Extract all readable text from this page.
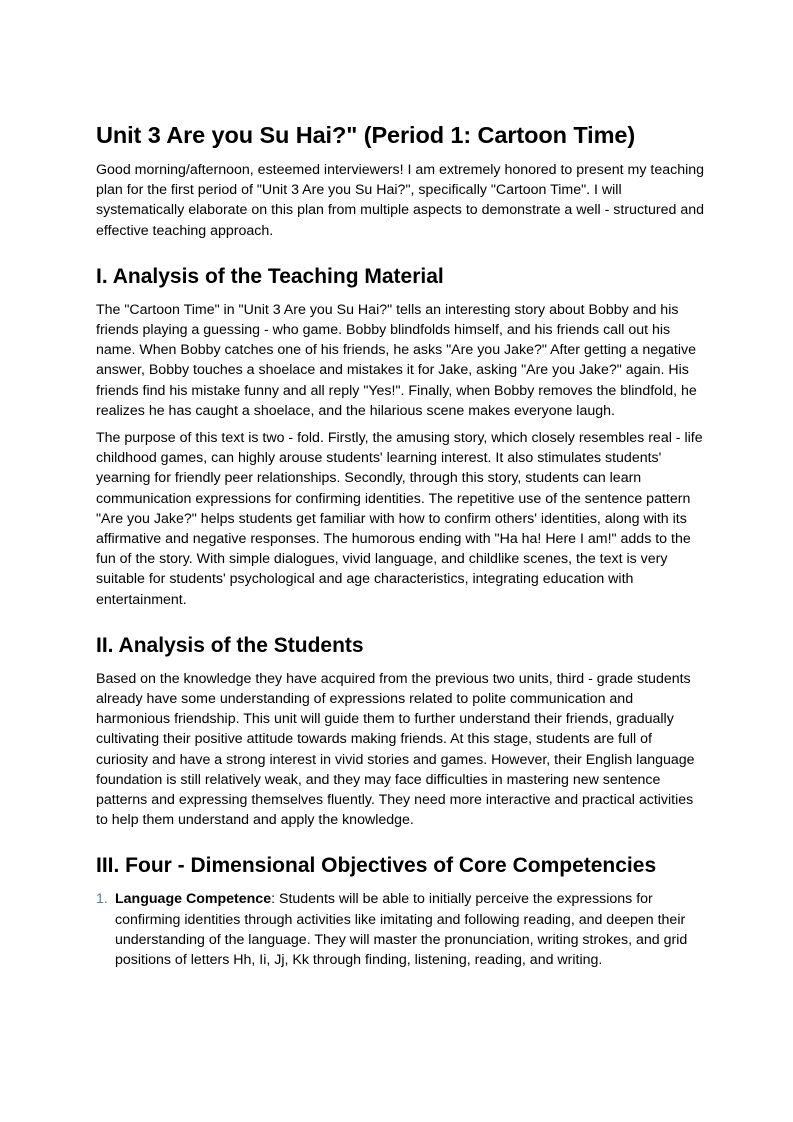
Unit 3 Are you Su Hai?" (Period 1: Cartoon Time)

Good morning/afternoon, esteemed interviewers! I am extremely honored to present my teaching plan for the first period of "Unit 3 Are you Su Hai?", specifically "Cartoon Time". I will systematically elaborate on this plan from multiple aspects to demonstrate a well - structured and effective teaching approach.

I. Analysis of the Teaching Material

The "Cartoon Time" in "Unit 3 Are you Su Hai?" tells an interesting story about Bobby and his friends playing a guessing - who game. Bobby blindfolds himself, and his friends call out his name. When Bobby catches one of his friends, he asks "Are you Jake?" After getting a negative answer, Bobby touches a shoelace and mistakes it for Jake, asking "Are you Jake?" again. His friends find his mistake funny and all reply "Yes!". Finally, when Bobby removes the blindfold, he realizes he has caught a shoelace, and the hilarious scene makes everyone laugh.

The purpose of this text is two - fold. Firstly, the amusing story, which closely resembles real - life childhood games, can highly arouse students' learning interest. It also stimulates students' yearning for friendly peer relationships. Secondly, through this story, students can learn communication expressions for confirming identities. The repetitive use of the sentence pattern "Are you Jake?" helps students get familiar with how to confirm others' identities, along with its affirmative and negative responses. The humorous ending with "Ha ha! Here I am!" adds to the fun of the story. With simple dialogues, vivid language, and childlike scenes, the text is very suitable for students' psychological and age characteristics, integrating education with entertainment.

II. Analysis of the Students

Based on the knowledge they have acquired from the previous two units, third - grade students already have some understanding of expressions related to polite communication and harmonious friendship. This unit will guide them to further understand their friends, gradually cultivating their positive attitude towards making friends. At this stage, students are full of curiosity and have a strong interest in vivid stories and games. However, their English language foundation is still relatively weak, and they may face difficulties in mastering new sentence patterns and expressing themselves fluently. They need more interactive and practical activities to help them understand and apply the knowledge.

III. Four - Dimensional Objectives of Core Competencies
1. Language Competence: Students will be able to initially perceive the expressions for confirming identities through activities like imitating and following reading, and deepen their understanding of the language. They will master the pronunciation, writing strokes, and grid positions of letters Hh, Ii, Jj, Kk through finding, listening, reading, and writing.
